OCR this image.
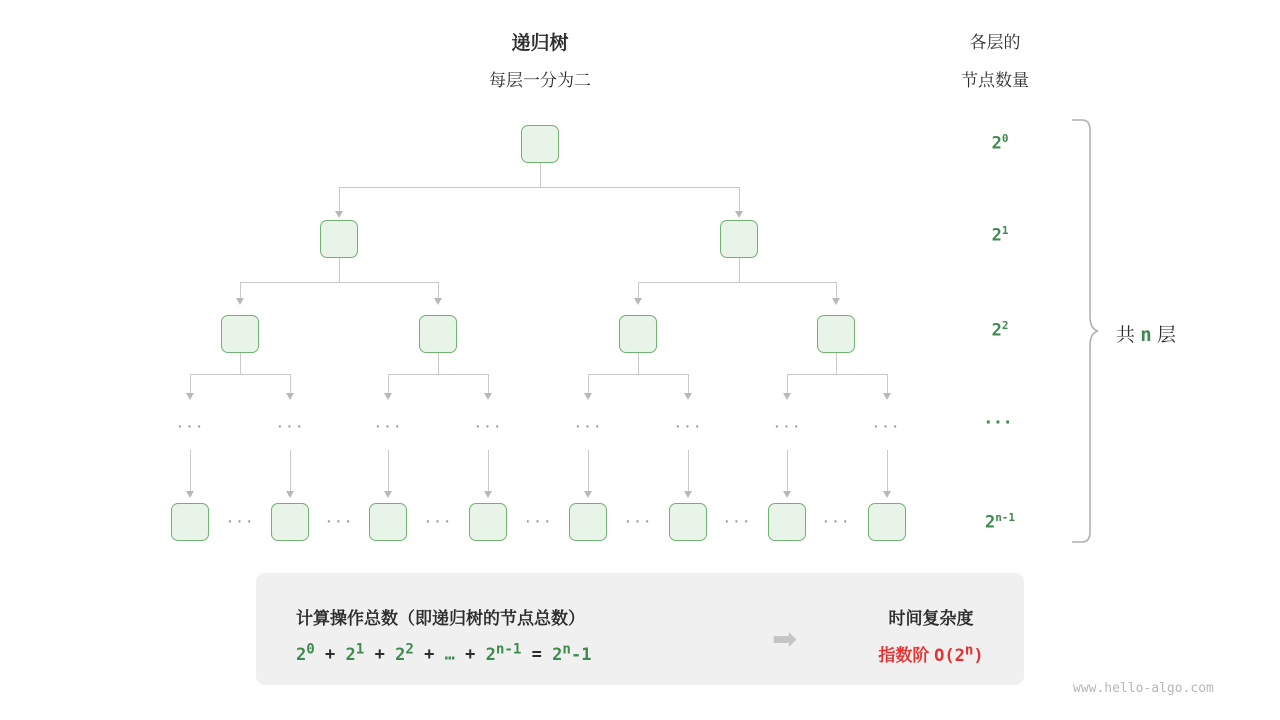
递归树
每层一分为二
各层的
节点数量
···	···	···	···	···	···	···	···
···	···	···	···	···	···	···
$2^0$
$2^1$
$2^2$
···
$2^{n-1}$
共 n 层
计算操作总数（即递归树的节点总数）
$2^0 + 2^1 + 2^2$ + … + $2^{n-1} = 2^n-1$	➡
时间复杂度
指数阶 O(2$^n$)
www.hello-algo.com
